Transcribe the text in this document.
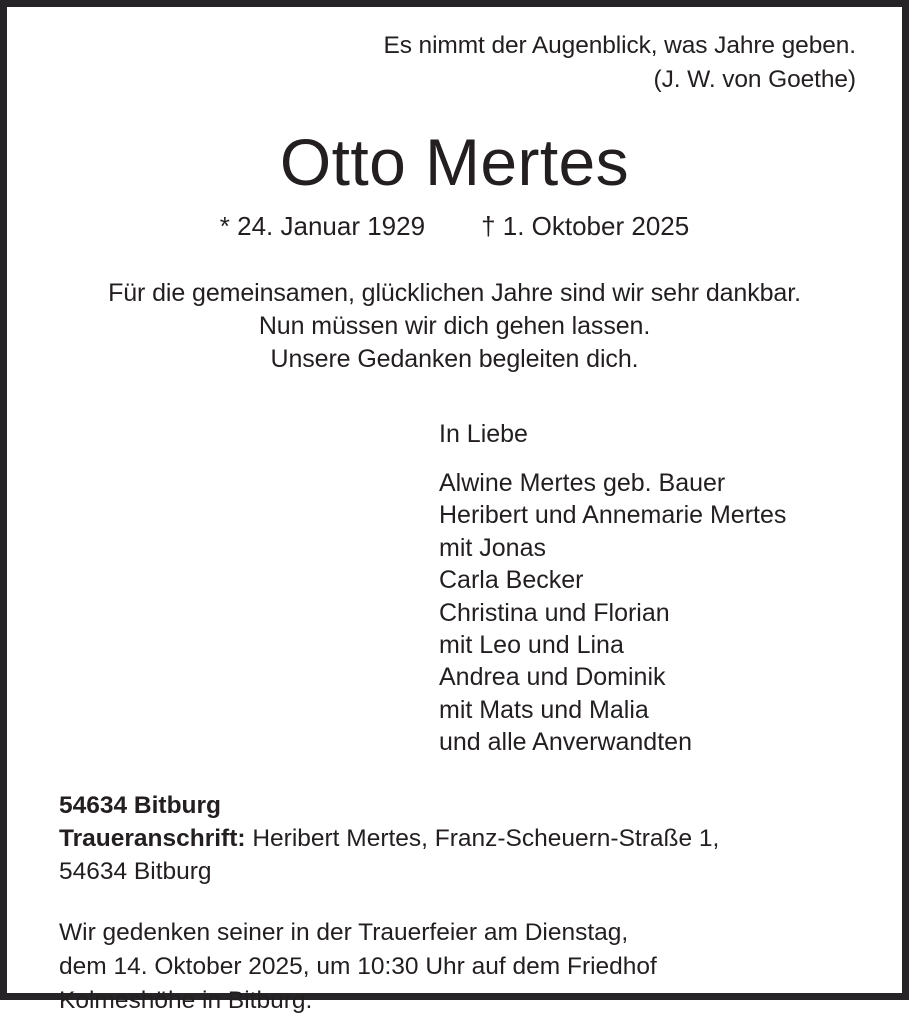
Es nimmt der Augenblick, was Jahre geben.
(J. W. von Goethe)
Otto Mertes
* 24. Januar 1929 † 1. Oktober 2025
Für die gemeinsamen, glücklichen Jahre sind wir sehr dankbar.
Nun müssen wir dich gehen lassen.
Unsere Gedanken begleiten dich.
In Liebe
Alwine Mertes geb. Bauer
Heribert und Annemarie Mertes
mit Jonas
Carla Becker
Christina und Florian
mit Leo und Lina
Andrea und Dominik
mit Mats und Malia
und alle Anverwandten
54634 Bitburg
Traueranschrift: Heribert Mertes, Franz-Scheuern-Straße 1,
54634 Bitburg
Wir gedenken seiner in der Trauerfeier am Dienstag,
dem 14. Oktober 2025, um 10:30 Uhr auf dem Friedhof
Kolmeshöhe in Bitburg.
